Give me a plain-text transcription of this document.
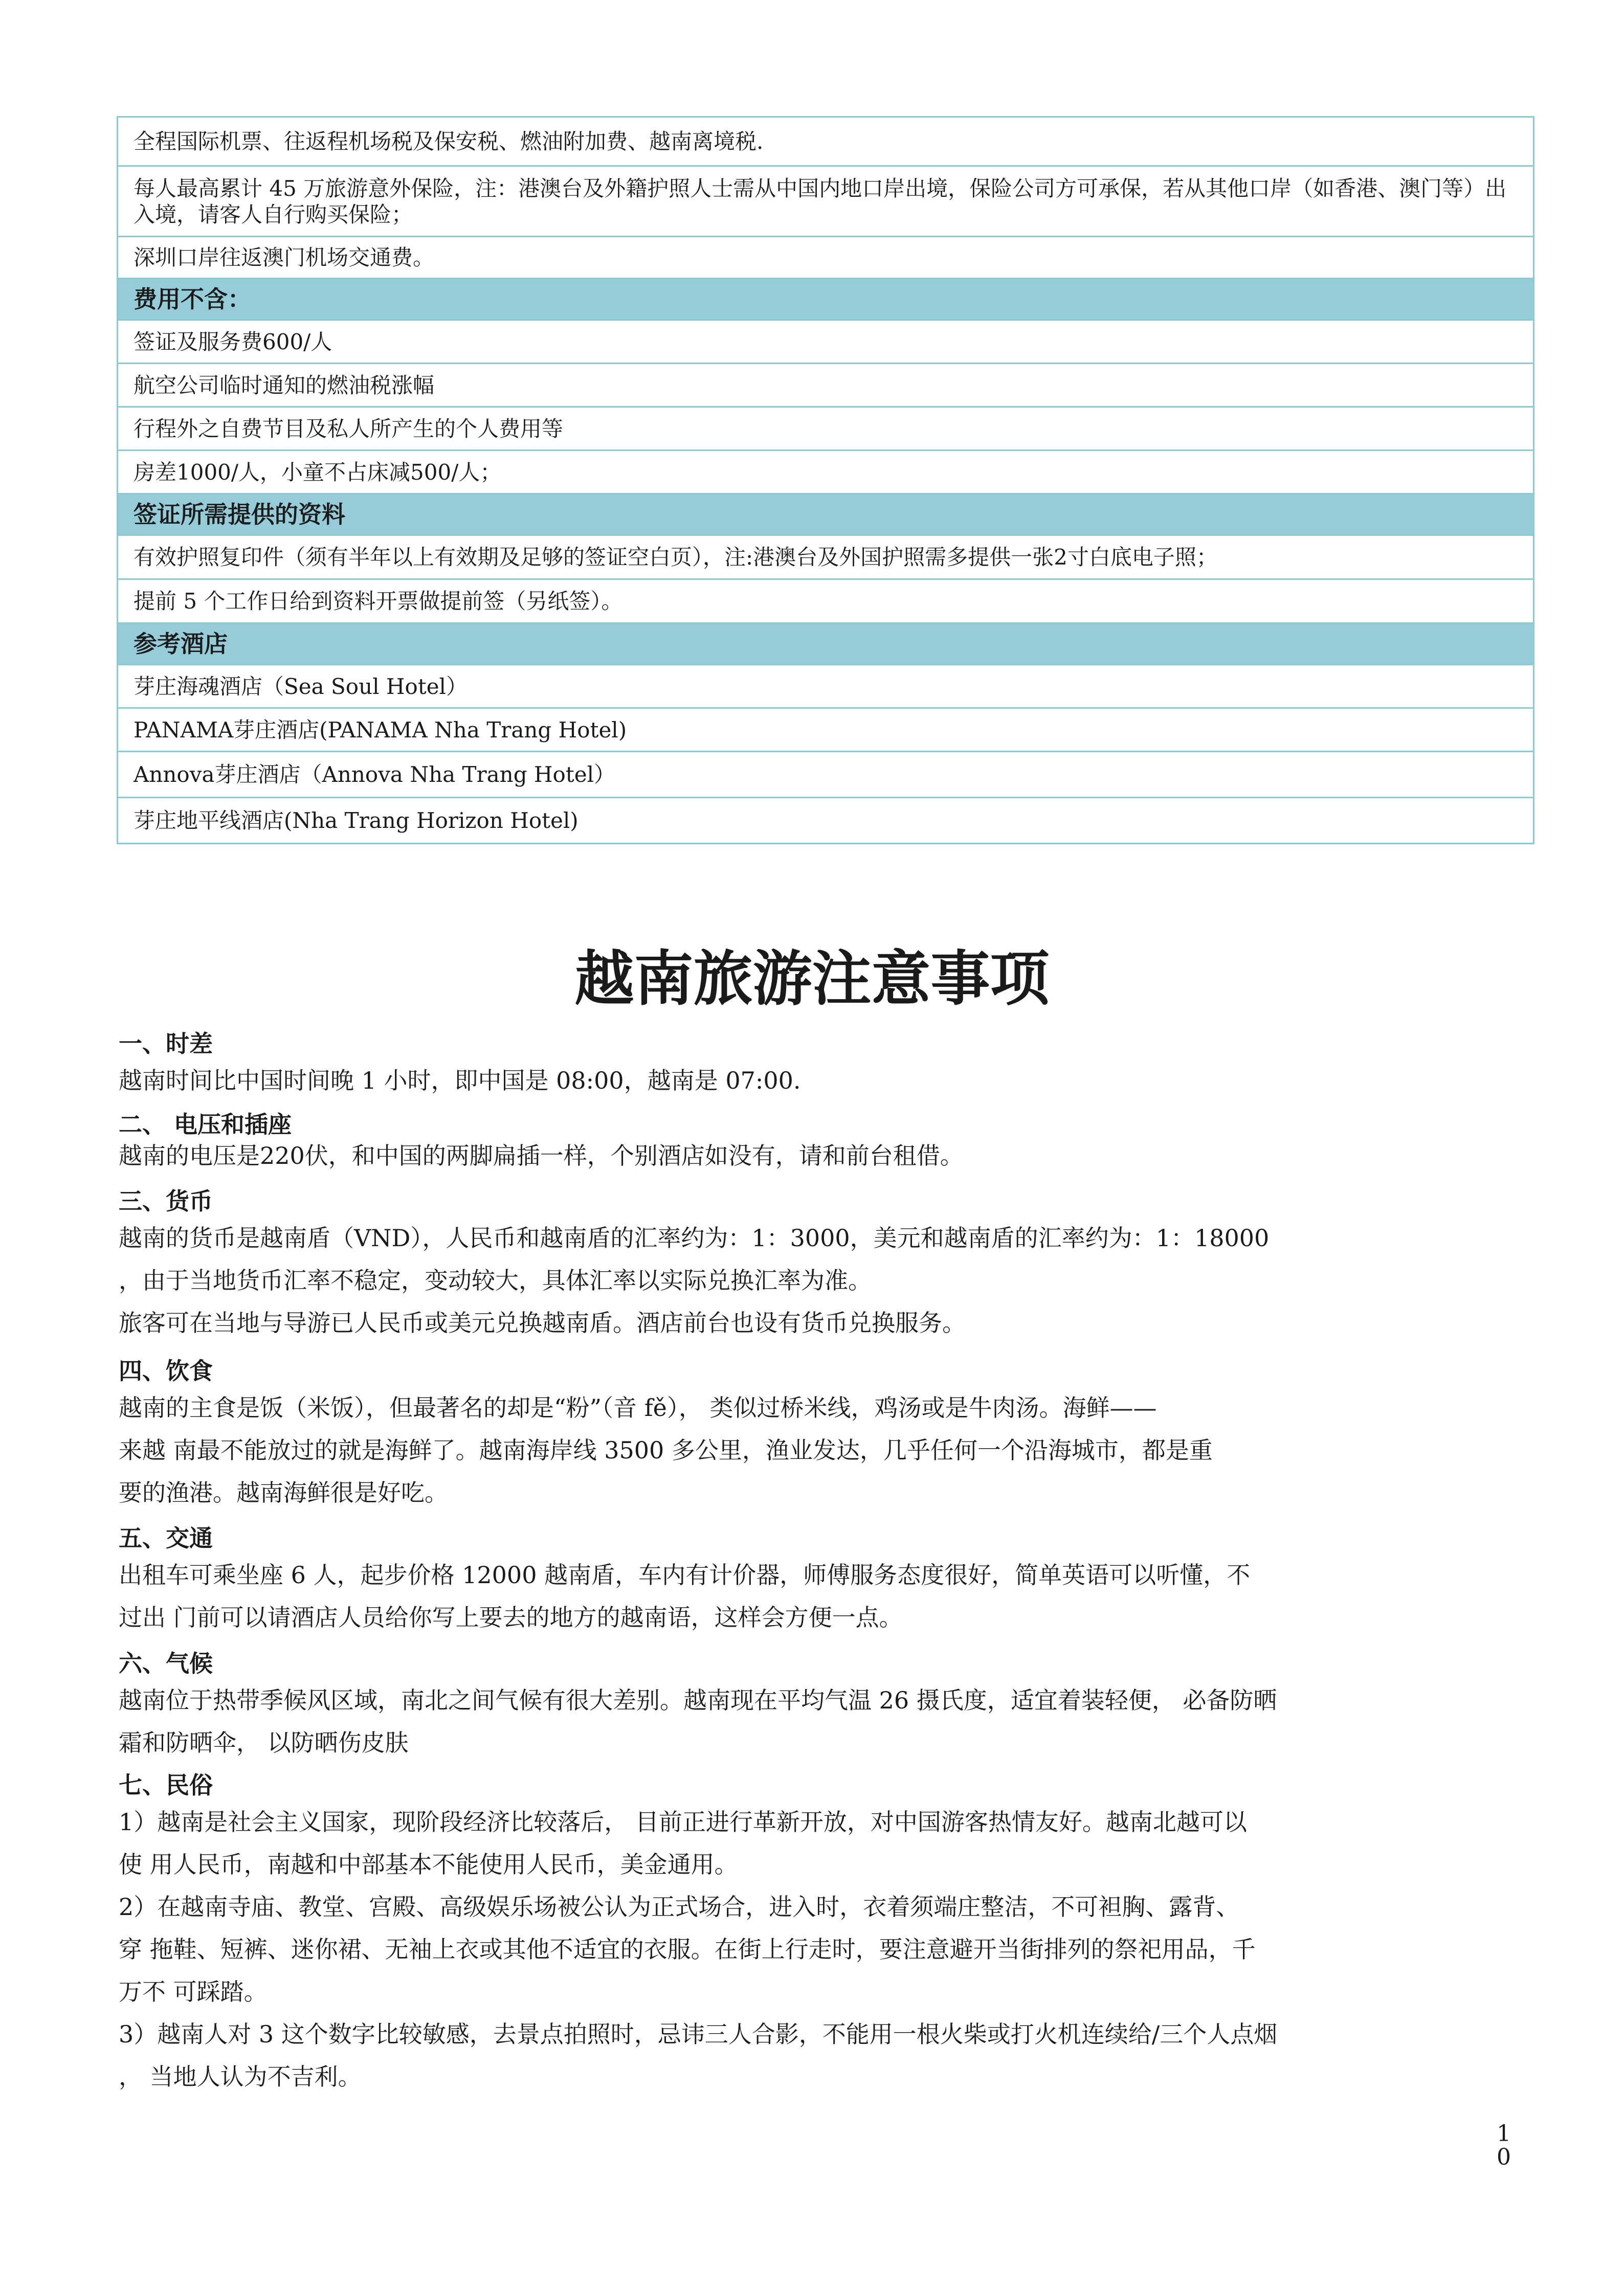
全程国际机票、往返程机场税及保安税、燃油附加费、越南离境税.
每人最高累计 45 万旅游意外保险，注：港澳台及外籍护照人士需从中国内地口岸出境，保险公司方可承保，若从其他口岸（如香港、澳门等）出入境，请客人自行购买保险；
深圳口岸往返澳门机场交通费。
费用不含：
签证及服务费600/人
航空公司临时通知的燃油税涨幅
行程外之自费节目及私人所产生的个人费用等
房差1000/人，小童不占床减500/人；
签证所需提供的资料
有效护照复印件（须有半年以上有效期及足够的签证空白页），注:港澳台及外国护照需多提供一张2寸白底电子照；
提前 5 个工作日给到资料开票做提前签（另纸签）。
参考酒店
芽庄海魂酒店（Sea Soul Hotel）
PANAMA芽庄酒店(PANAMA Nha Trang Hotel)
Annova芽庄酒店（Annova Nha Trang Hotel）
芽庄地平线酒店(Nha Trang Horizon Hotel)
越南旅游注意事项
一、时差

越南时间比中国时间晚 1 小时，即中国是 08:00，越南是 07:00.

二、 电压和插座

越南的电压是220伏，和中国的两脚扁插一样，个别酒店如没有，请和前台租借。

三、货币

越南的货币是越南盾（VND），人民币和越南盾的汇率约为：1：3000，美元和越南盾的汇率约为：1：18000

，由于当地货币汇率不稳定，变动较大，具体汇率以实际兑换汇率为准。

旅客可在当地与导游已人民币或美元兑换越南盾。酒店前台也设有货币兑换服务。

四、饮食

越南的主食是饭（米饭），但最著名的却是“粉”（音 fě）， 类似过桥米线，鸡汤或是牛肉汤。海鲜——

来越 南最不能放过的就是海鲜了。越南海岸线 3500 多公里，渔业发达，几乎任何一个沿海城市，都是重

要的渔港。越南海鲜很是好吃。

五、交通

出租车可乘坐座 6 人，起步价格 12000 越南盾，车内有计价器，师傅服务态度很好，简单英语可以听懂，不

过出 门前可以请酒店人员给你写上要去的地方的越南语，这样会方便一点。

六、气候

越南位于热带季候风区域，南北之间气候有很大差别。越南现在平均气温 26 摄氏度，适宜着装轻便， 必备防晒

霜和防晒伞， 以防晒伤皮肤

七、民俗

1）越南是社会主义国家，现阶段经济比较落后， 目前正进行革新开放，对中国游客热情友好。越南北越可以

使 用人民币，南越和中部基本不能使用人民币，美金通用。

2）在越南寺庙、教堂、宫殿、高级娱乐场被公认为正式场合，进入时，衣着须端庄整洁，不可袒胸、露背、

穿 拖鞋、短裤、迷你裙、无袖上衣或其他不适宜的衣服。在街上行走时，要注意避开当街排列的祭祀用品，千

万不 可踩踏。

3）越南人对 3 这个数字比较敏感，去景点拍照时，忌讳三人合影，不能用一根火柴或打火机连续给/三个人点烟

， 当地人认为不吉利。

1
0
